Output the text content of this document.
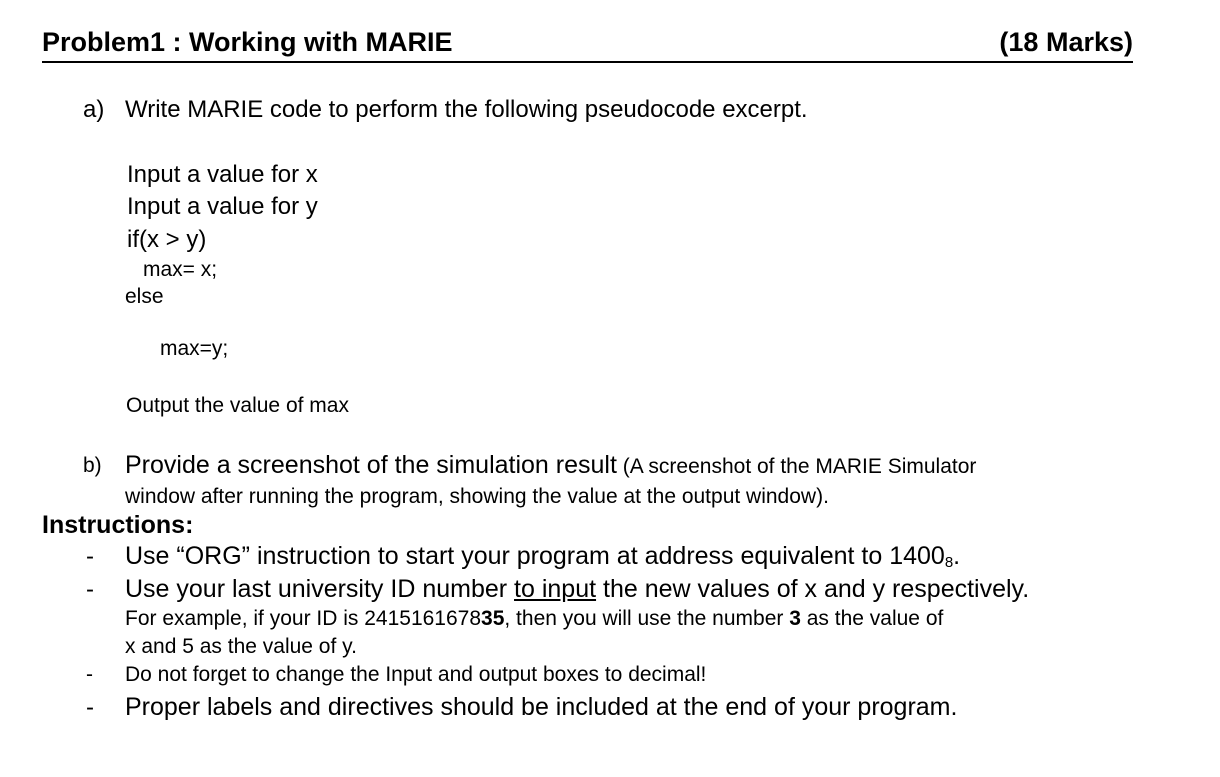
Problem1 : Working with MARIE	(18 Marks)
a) Write MARIE code to perform the following pseudocode excerpt.
Input a value for x
Input a value for y
if(x > y)
max= x;
else
max=y;
Output the value of max
b) Provide a screenshot of the simulation result (A screenshot of the MARIE Simulator
window after running the program, showing the value at the output window).
Instructions:
- Use “ORG” instruction to start your program at address equivalent to $1400_8$.
- Use your last university ID number to input the new values of x and y respectively.
For example, if your ID is 241516167835, then you will use the number 3 as the value of
x and 5 as the value of y.
- Do not forget to change the Input and output boxes to decimal!
- Proper labels and directives should be included at the end of your program.
